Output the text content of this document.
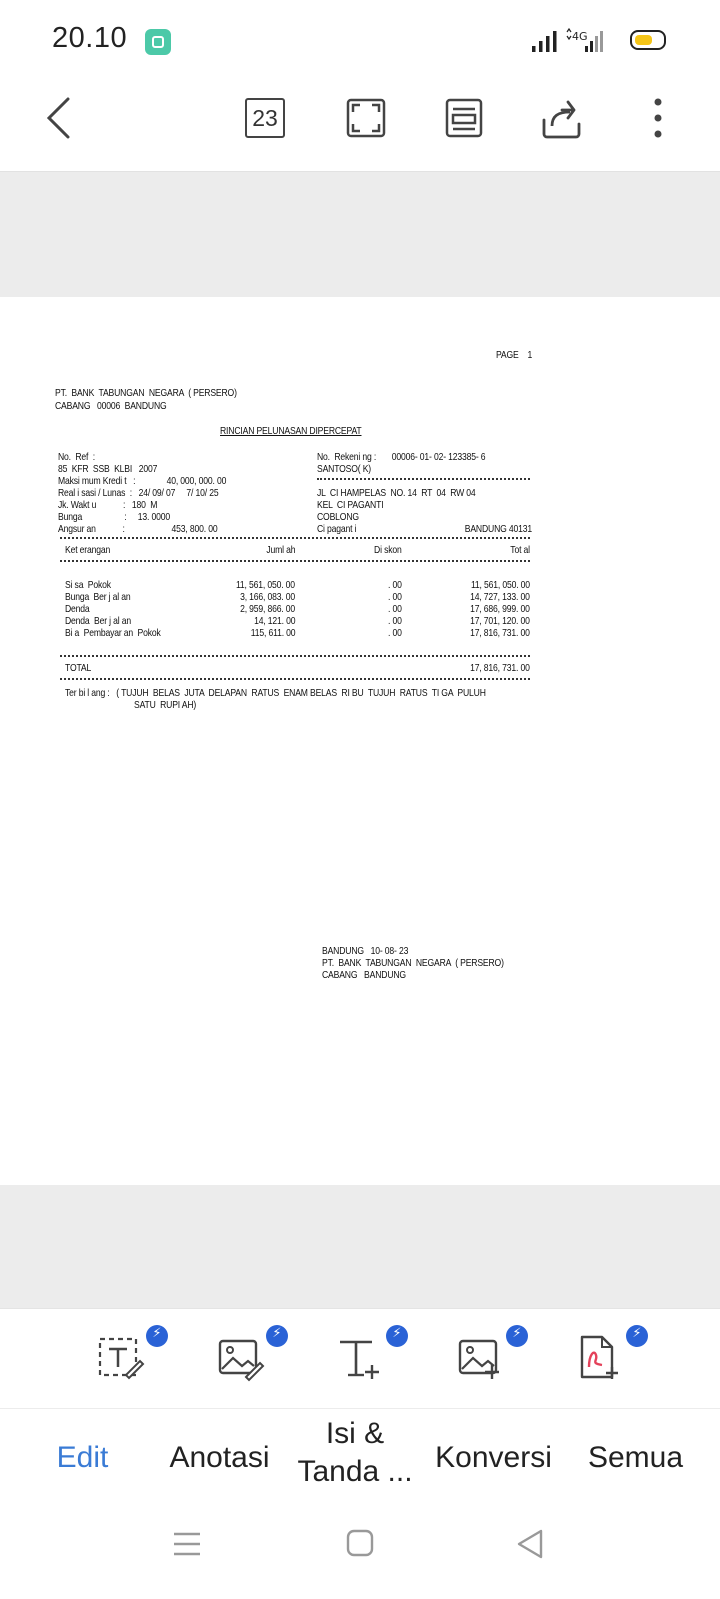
20.10	4G
23
PAGE    1
PT.  BANK  TABUNGAN  NEGARA  ( PERSERO)
CABANG   00006  BANDUNG
RINCIAN PELUNASAN DIPERCEPAT
No.  Ref  :
85  KFR  SSB  KLBI   2007
Maksi mum Kredi t   :              40, 000, 000. 00
Real i sasi / Lunas  :   24/ 09/ 07     7/ 10/ 25
Jk. Wakt u            :   180  M
Bunga                   :     13. 0000
Angsur an            :                     453, 800. 00
No.  Rekeni ng :       00006- 01- 02- 123385- 6
SANTOSO( K)
JL  CI HAMPELAS  NO. 14  RT  04  RW 04
KEL  CI PAGANTI
COBLONG
Ci pagant i	BANDUNG 40131
Ket erangan	Juml ah	Di skon	Tot al
Si sa  Pokok	11, 561, 050. 00	. 00	11, 561, 050. 00
Bunga  Ber j al an	3, 166, 083. 00	. 00	14, 727, 133. 00
Denda	2, 959, 866. 00	. 00	17, 686, 999. 00
Denda  Ber j al an	14, 121. 00	. 00	17, 701, 120. 00
Bi a  Pembayar an  Pokok	115, 611. 00	. 00	17, 816, 731. 00
TOTAL	17, 816, 731. 00
Ter bi l ang :   ( TUJUH  BELAS  JUTA  DELAPAN  RATUS  ENAM BELAS  RI BU  TUJUH  RATUS  TI GA  PULUH
SATU  RUPI AH)
BANDUNG   10- 08- 23
PT.  BANK  TABUNGAN  NEGARA  ( PERSERO)
CABANG   BANDUNG
⚡
⚡
⚡
⚡
⚡
Edit	Anotasi
Isi &
Tanda ... Konversi	Semua
